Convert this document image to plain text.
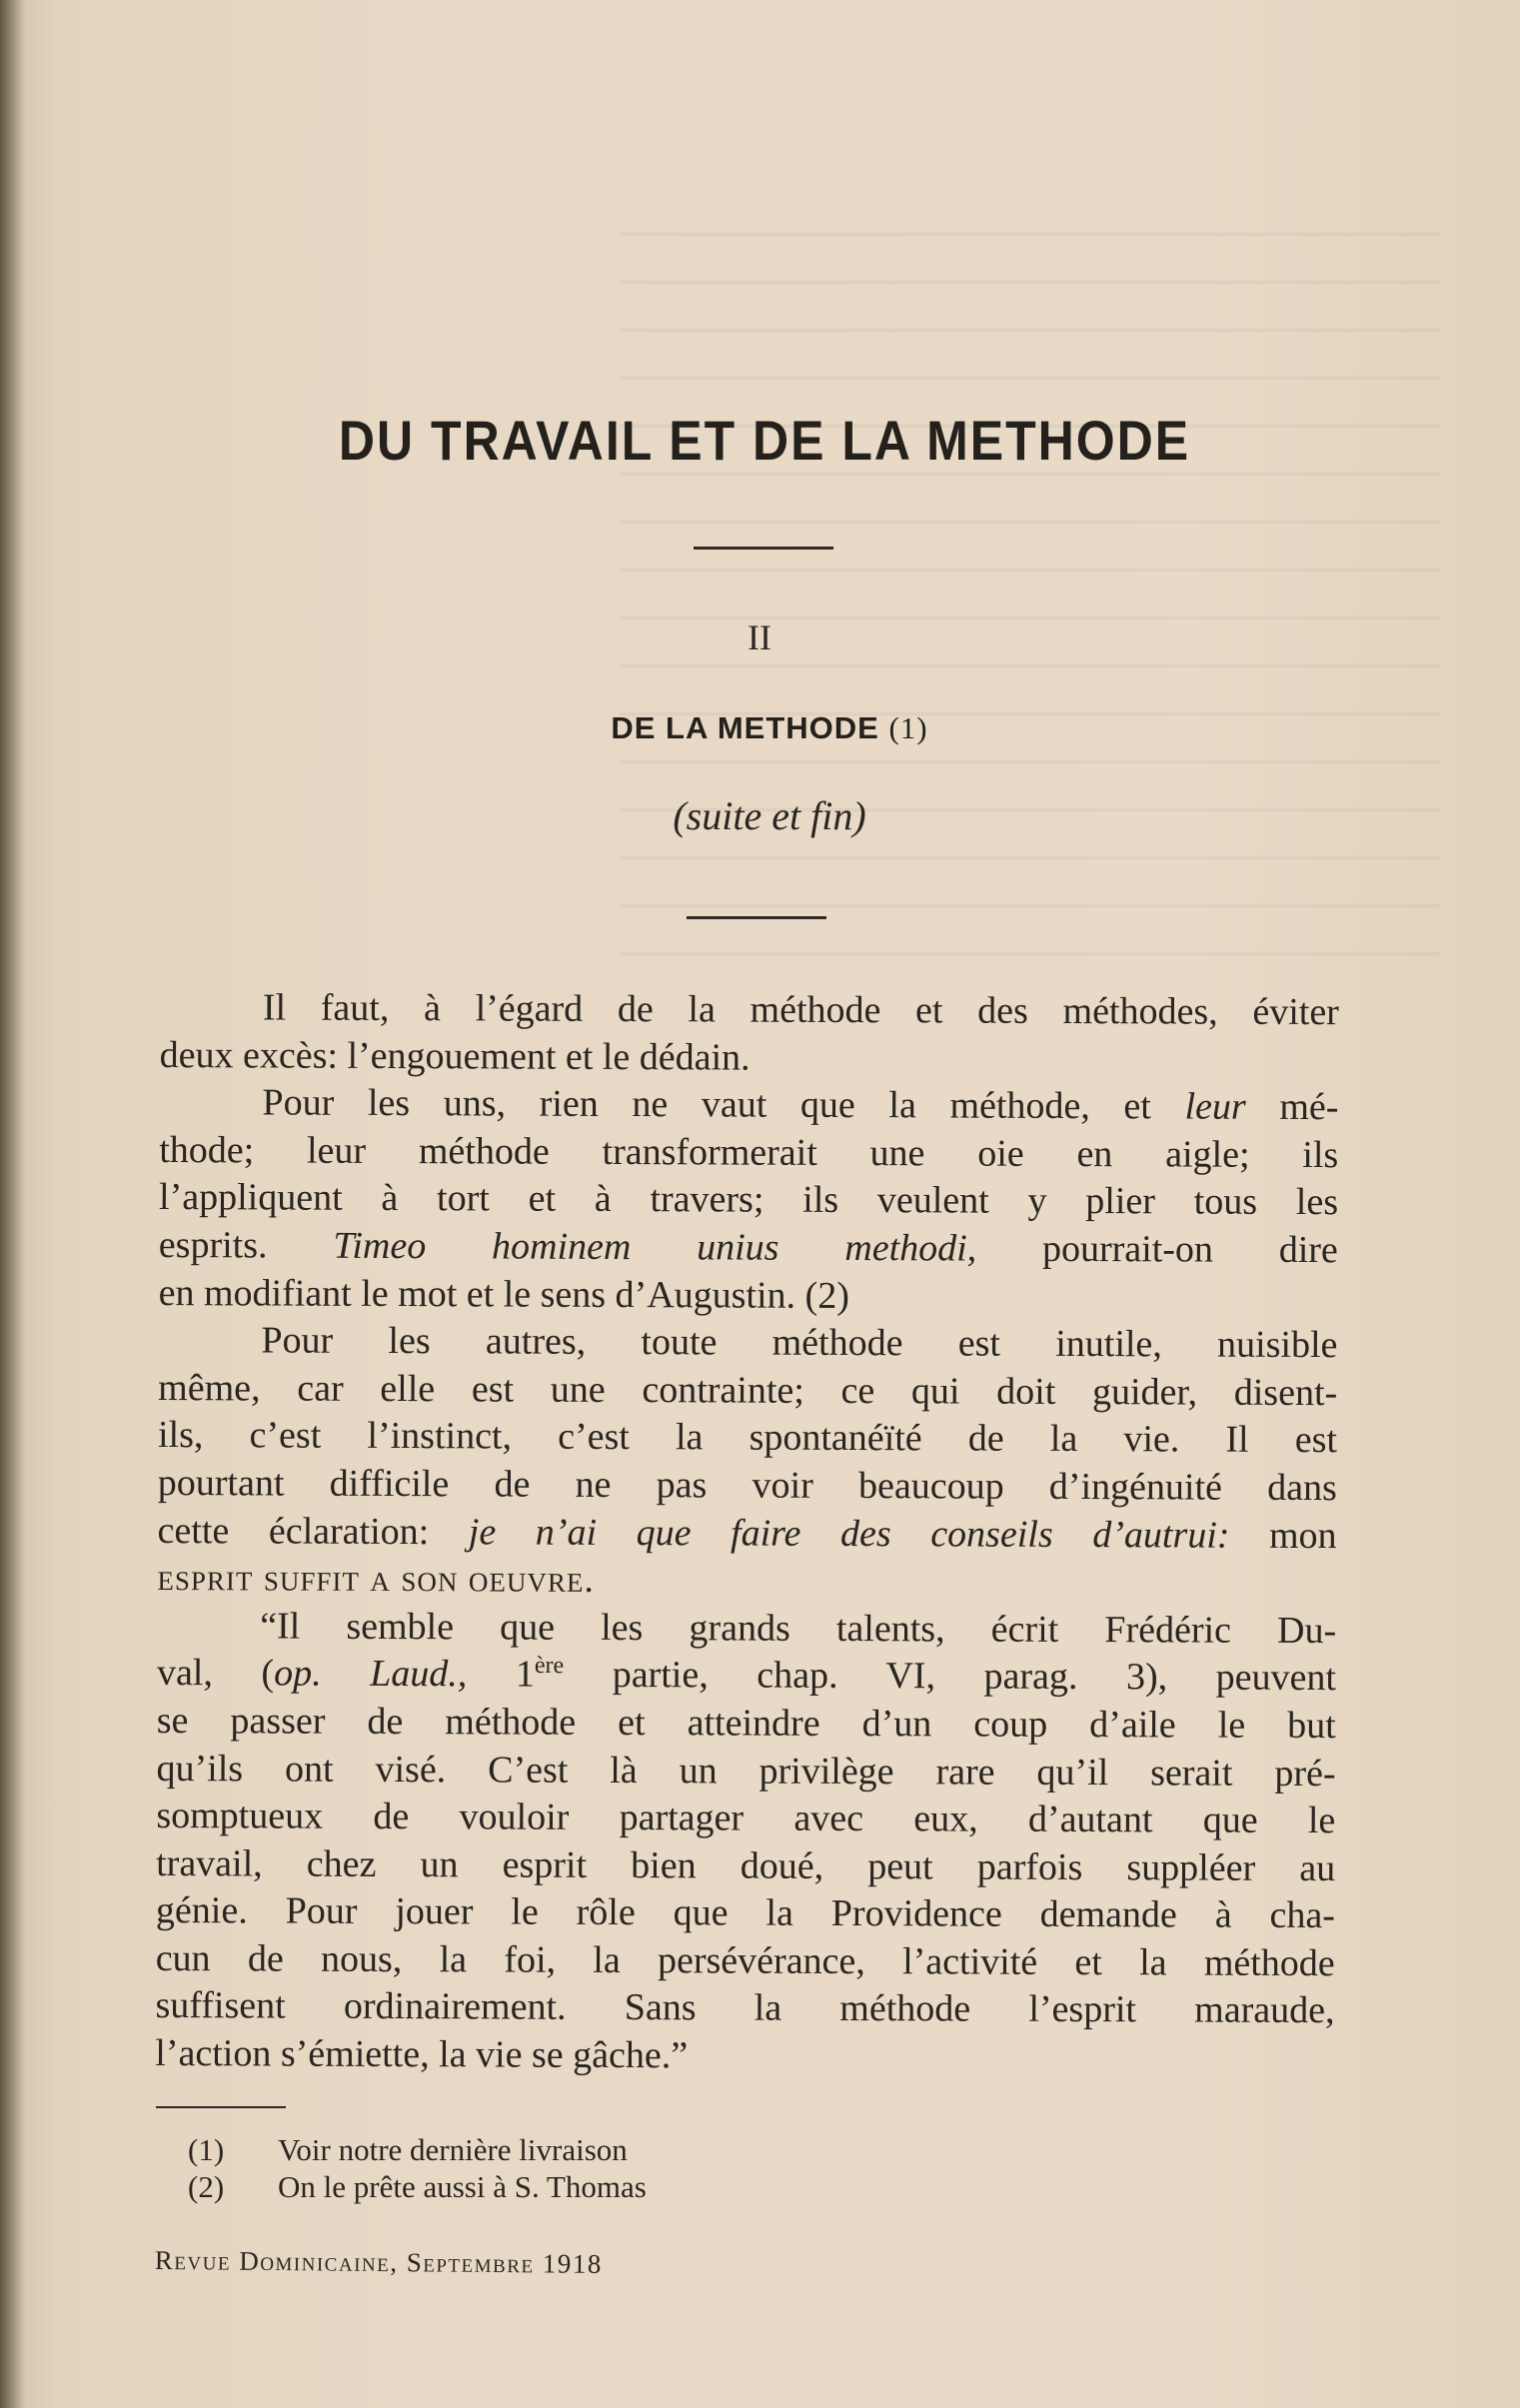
DU TRAVAIL ET DE LA METHODE
II
DE LA METHODE (1)
(suite et fin)
Il faut, à l’égard de la méthode et des méthodes, éviter
deux excès: l’engouement et le dédain.
Pour les uns, rien ne vaut que la méthode, et leur mé-
thode; leur méthode transformerait une oie en aigle; ils
l’appliquent à tort et à travers; ils veulent y plier tous les
esprits. Timeo hominem unius methodi, pourrait-on dire
en modifiant le mot et le sens d’Augustin. (2)
Pour les autres, toute méthode est inutile, nuisible
même, car elle est une contrainte; ce qui doit guider, disent-
ils, c’est l’instinct, c’est la spontanéïté de la vie. Il est
pourtant difficile de ne pas voir beaucoup d’ingénuité dans
cette éclaration: je n’ai que faire des conseils d’autrui: mon
esprit suffit a son oeuvre.
“Il semble que les grands talents, écrit Frédéric Du-
val, (op. Laud., 1ère partie, chap. VI, parag. 3), peuvent
se passer de méthode et atteindre d’un coup d’aile le but
qu’ils ont visé. C’est là un privilège rare qu’il serait pré-
somptueux de vouloir partager avec eux, d’autant que le
travail, chez un esprit bien doué, peut parfois suppléer au
génie. Pour jouer le rôle que la Providence demande à cha-
cun de nous, la foi, la persévérance, l’activité et la méthode
suffisent ordinairement. Sans la méthode l’esprit maraude,
l’action s’émiette, la vie se gâche.”
(1) Voir notre dernière livraison
(2) On le prête aussi à S. Thomas
Revue Dominicaine, Septembre 1918
